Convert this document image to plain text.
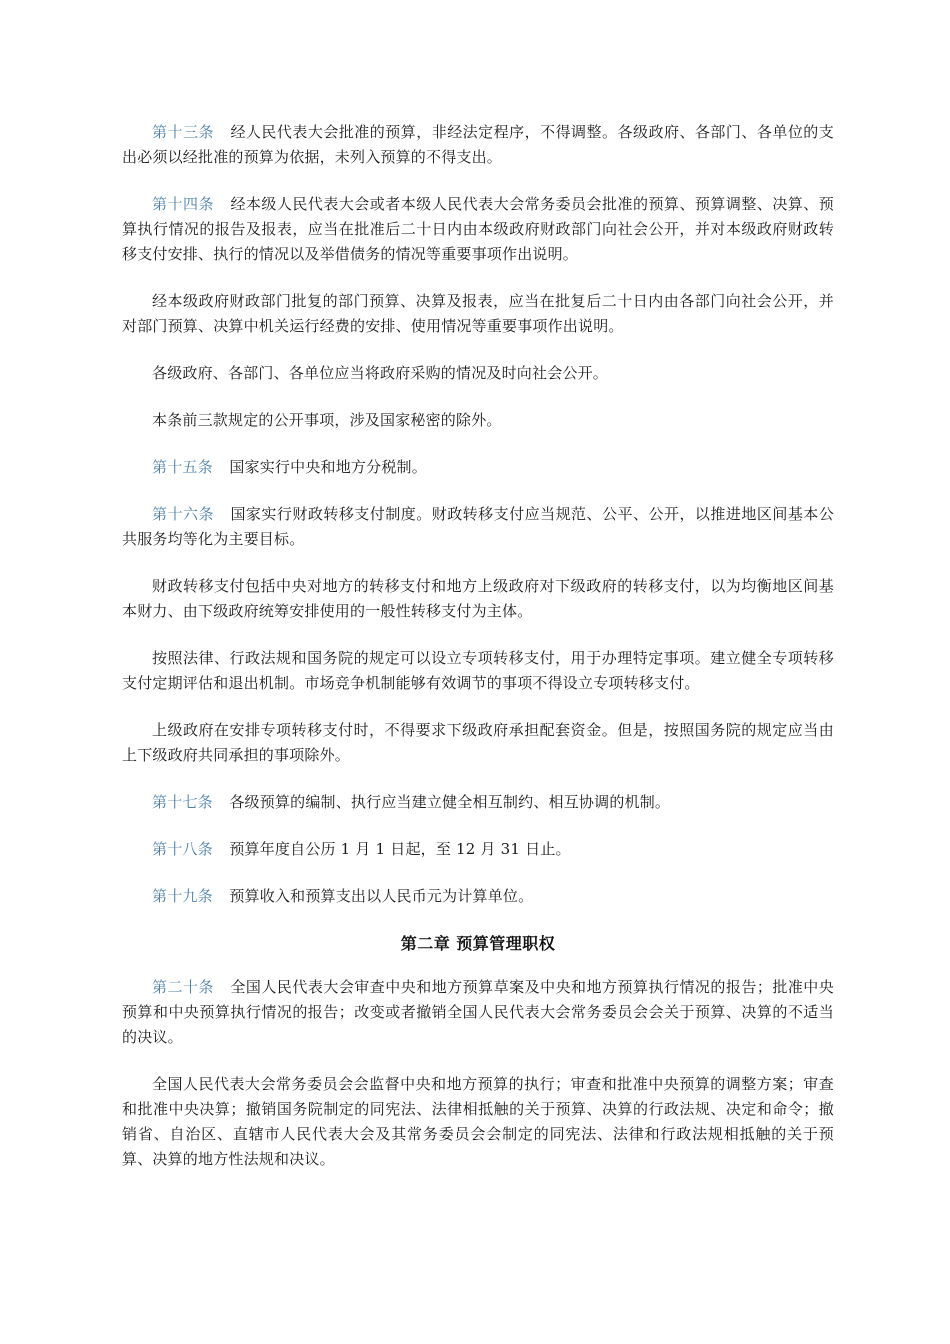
第十三条 经人民代表大会批准的预算，非经法定程序，不得调整。各级政府、各部门、各单位的支出必须以经批准的预算为依据，未列入预算的不得支出。

第十四条 经本级人民代表大会或者本级人民代表大会常务委员会批准的预算、预算调整、决算、预算执行情况的报告及报表，应当在批准后二十日内由本级政府财政部门向社会公开，并对本级政府财政转移支付安排、执行的情况以及举借债务的情况等重要事项作出说明。

经本级政府财政部门批复的部门预算、决算及报表，应当在批复后二十日内由各部门向社会公开，并对部门预算、决算中机关运行经费的安排、使用情况等重要事项作出说明。

各级政府、各部门、各单位应当将政府采购的情况及时向社会公开。

本条前三款规定的公开事项，涉及国家秘密的除外。

第十五条 国家实行中央和地方分税制。

第十六条 国家实行财政转移支付制度。财政转移支付应当规范、公平、公开，以推进地区间基本公共服务均等化为主要目标。

财政转移支付包括中央对地方的转移支付和地方上级政府对下级政府的转移支付，以为均衡地区间基本财力、由下级政府统筹安排使用的一般性转移支付为主体。

按照法律、行政法规和国务院的规定可以设立专项转移支付，用于办理特定事项。建立健全专项转移支付定期评估和退出机制。市场竞争机制能够有效调节的事项不得设立专项转移支付。

上级政府在安排专项转移支付时，不得要求下级政府承担配套资金。但是，按照国务院的规定应当由上下级政府共同承担的事项除外。

第十七条 各级预算的编制、执行应当建立健全相互制约、相互协调的机制。

第十八条 预算年度自公历 1 月 1 日起，至 12 月 31 日止。

第十九条 预算收入和预算支出以人民币元为计算单位。

第二章 预算管理职权

第二十条 全国人民代表大会审查中央和地方预算草案及中央和地方预算执行情况的报告；批准中央预算和中央预算执行情况的报告；改变或者撤销全国人民代表大会常务委员会会关于预算、决算的不适当的决议。

全国人民代表大会常务委员会会监督中央和地方预算的执行；审查和批准中央预算的调整方案；审查和批准中央决算；撤销国务院制定的同宪法、法律相抵触的关于预算、决算的行政法规、决定和命令；撤销省、自治区、直辖市人民代表大会及其常务委员会会制定的同宪法、法律和行政法规相抵触的关于预算、决算的地方性法规和决议。
